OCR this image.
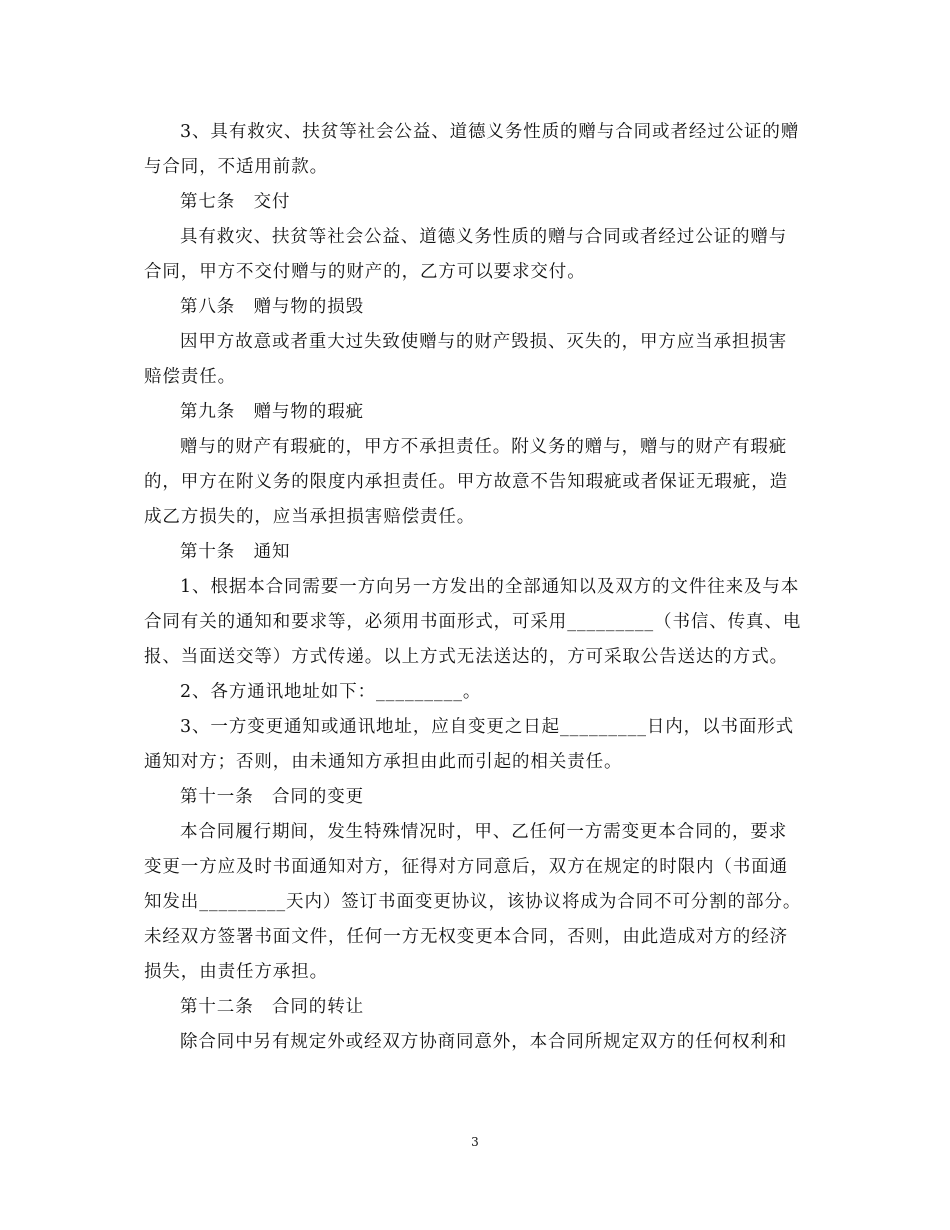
3、具有救灾、扶贫等社会公益、道德义务性质的赠与合同或者经过公证的赠
与合同，不适用前款。
第七条　交付
具有救灾、扶贫等社会公益、道德义务性质的赠与合同或者经过公证的赠与
合同，甲方不交付赠与的财产的，乙方可以要求交付。
第八条　赠与物的损毁
因甲方故意或者重大过失致使赠与的财产毁损、灭失的，甲方应当承担损害
赔偿责任。
第九条　赠与物的瑕疵
赠与的财产有瑕疵的，甲方不承担责任。附义务的赠与，赠与的财产有瑕疵
的，甲方在附义务的限度内承担责任。甲方故意不告知瑕疵或者保证无瑕疵，造
成乙方损失的，应当承担损害赔偿责任。
第十条　通知
1、根据本合同需要一方向另一方发出的全部通知以及双方的文件往来及与本
合同有关的通知和要求等，必须用书面形式，可采用_________（书信、传真、电
报、当面送交等）方式传递。以上方式无法送达的，方可采取公告送达的方式。
2、各方通讯地址如下：_________。
3、一方变更通知或通讯地址，应自变更之日起_________日内，以书面形式
通知对方；否则，由未通知方承担由此而引起的相关责任。
第十一条　合同的变更
本合同履行期间，发生特殊情况时，甲、乙任何一方需变更本合同的，要求
变更一方应及时书面通知对方，征得对方同意后，双方在规定的时限内（书面通
知发出_________天内）签订书面变更协议，该协议将成为合同不可分割的部分。
未经双方签署书面文件，任何一方无权变更本合同，否则，由此造成对方的经济
损失，由责任方承担。
第十二条　合同的转让
除合同中另有规定外或经双方协商同意外，本合同所规定双方的任何权利和
3
